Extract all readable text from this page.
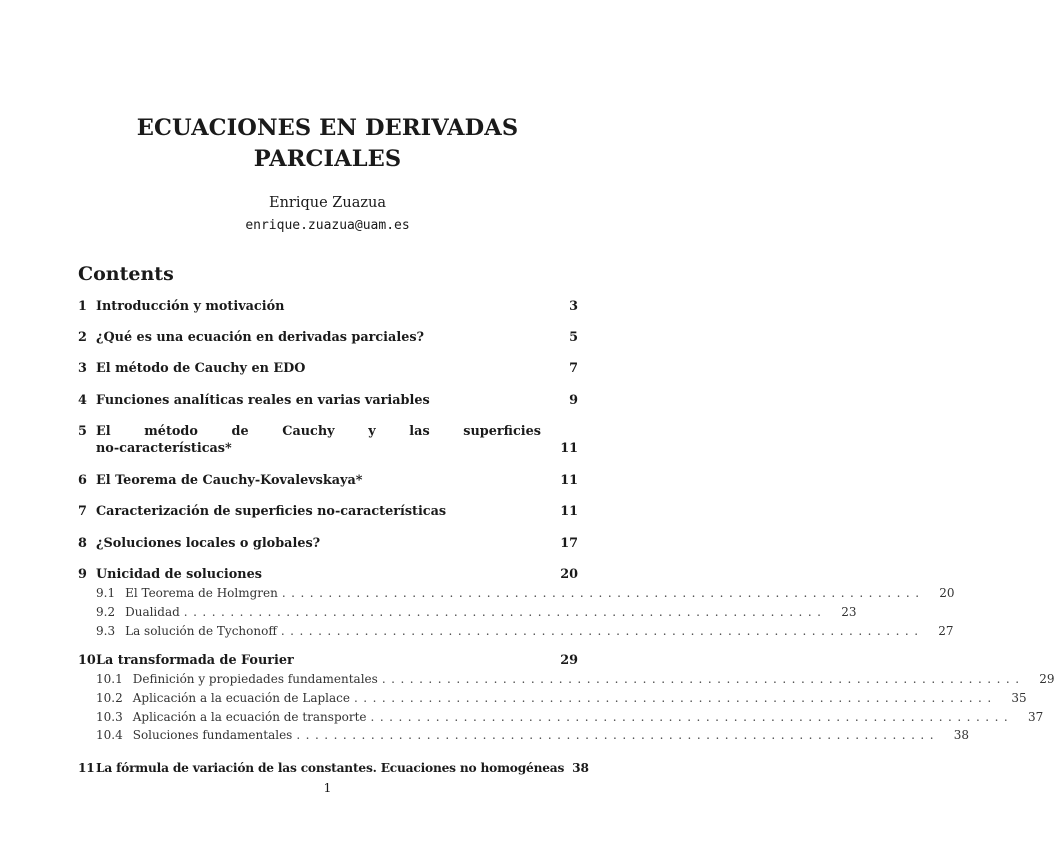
ECUACIONES EN DERIVADAS
PARCIALES
Enrique Zuazua
enrique.zuazua@uam.es
Contents
1 Introducción y motivación	3
2 ¿Qué es una ecuación en derivadas parciales?	5
3 El método de Cauchy en EDO	7
4 Funciones analíticas reales en varias variables	9
5 El	método	de	Cauchy	y	las	superficies
no-características*	11
6 El Teorema de Cauchy-Kovalevskaya*	11
7 Caracterización de superficies no-características	11
8 ¿Soluciones locales o globales?	17
9 Unicidad de soluciones	20
9.1 El Teorema de Holmgren .....................................................................	20
9.2 Dualidad .....................................................................	23
9.3 La solución de Tychonoff .....................................................................	27
10 La transformada de Fourier	29
10.1 Definición y propiedades fundamentales .....................................................................	29
10.2 Aplicación a la ecuación de Laplace .....................................................................	35
10.3 Aplicación a la ecuación de transporte .....................................................................	37
10.4 Soluciones fundamentales .....................................................................	38
11 La fórmula de variación de las constantes. Ecuaciones no homogéneas 38
1
